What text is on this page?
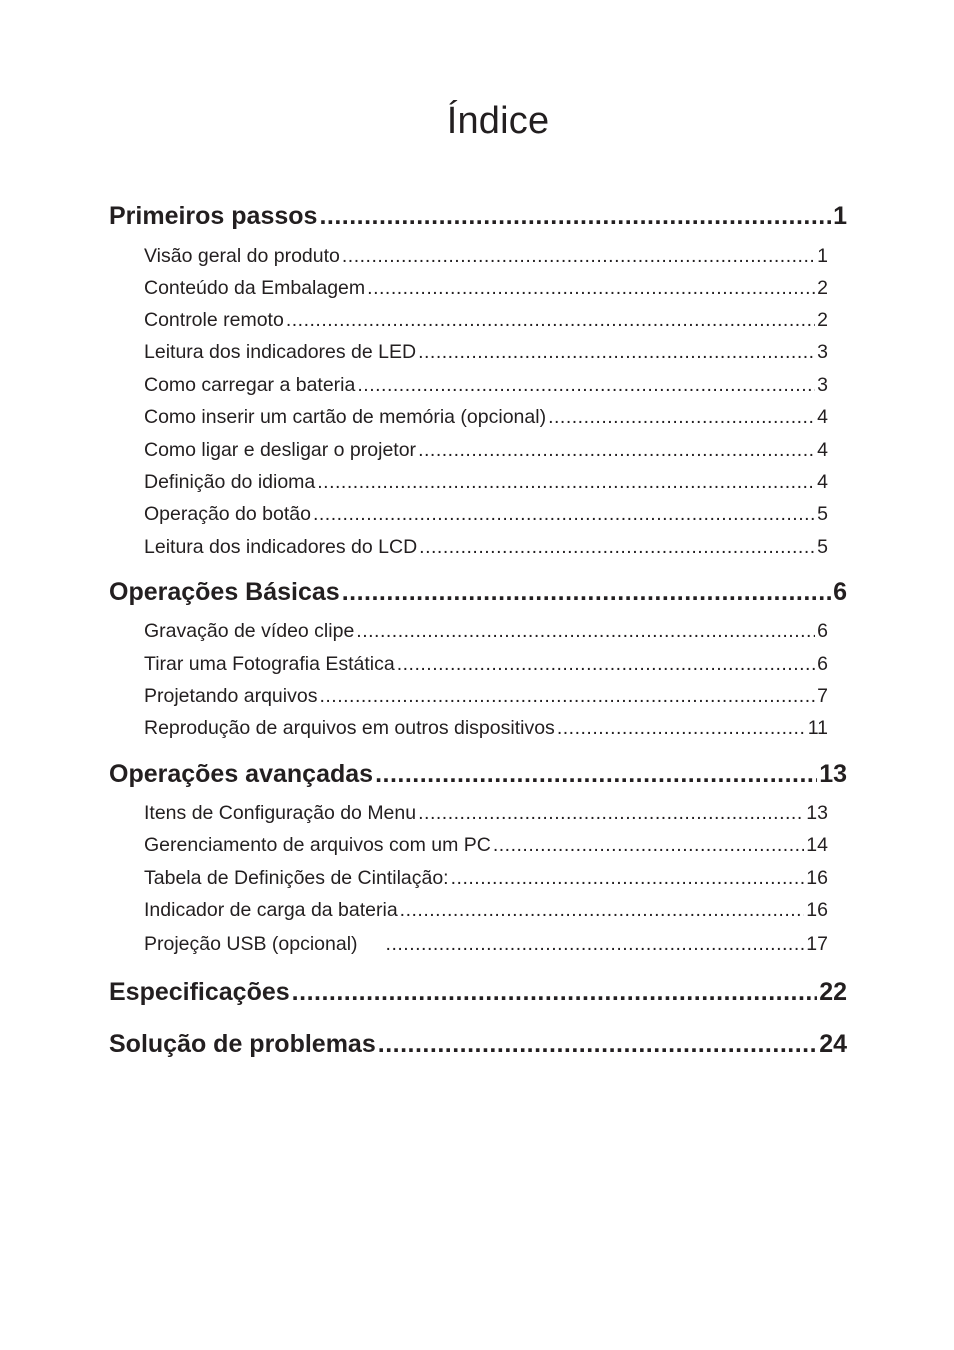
Índice
Primeiros passos .....	1
Visão geral do produto .....	1
Conteúdo da Embalagem .....	2
Controle remoto .....	2
Leitura dos indicadores de LED .....	3
Como carregar a bateria .....	3
Como inserir um cartão de memória (opcional) .....	4
Como ligar e desligar o projetor .....	4
Definição do idioma .....	4
Operação do botão .....	5
Leitura dos indicadores do LCD .....	5
Operações Básicas .....	6
Gravação de vídeo clipe .....	6
Tirar uma Fotografia Estática .....	6
Projetando arquivos .....	7
Reprodução de arquivos em outros dispositivos .....	11
Operações avançadas .....	13
Itens de Configuração do Menu .....	13
Gerenciamento de arquivos com um PC .....	14
Tabela de Definições de Cintilação: .....	16
Indicador de carga da bateria .....	16
Projeção USB (opcional) .....	17
Especificações .....	22
Solução de problemas .....	24
